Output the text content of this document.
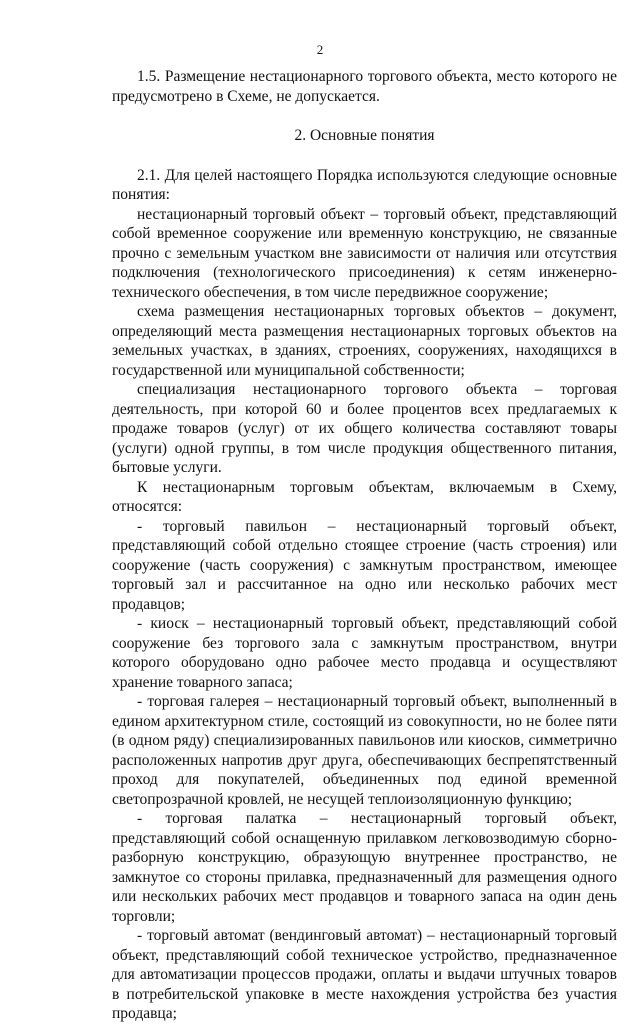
2

1.5. Размещение нестационарного торгового объекта, место которого не предусмотрено в Схеме, не допускается.

2. Основные понятия

2.1. Для целей настоящего Порядка используются следующие основные понятия:

нестационарный торговый объект – торговый объект, представляющий собой временное сооружение или временную конструкцию, не связанные прочно с земельным участком вне зависимости от наличия или отсутствия подключения (технологического присоединения) к сетям инженерно-технического обеспечения, в том числе передвижное сооружение;

схема размещения нестационарных торговых объектов – документ, определяющий места размещения нестационарных торговых объектов на земельных участках, в зданиях, строениях, сооружениях, находящихся в государственной или муниципальной собственности;

специализация нестационарного торгового объекта – торговая деятельность, при которой 60 и более процентов всех предлагаемых к продаже товаров (услуг) от их общего количества составляют товары (услуги) одной группы, в том числе продукция общественного питания, бытовые услуги.

К нестационарным торговым объектам, включаемым в Схему, относятся:

- торговый павильон – нестационарный торговый объект, представляющий собой отдельно стоящее строение (часть строения) или сооружение (часть сооружения) с замкнутым пространством, имеющее торговый зал и рассчитанное на одно или несколько рабочих мест продавцов;

- киоск – нестационарный торговый объект, представляющий собой сооружение без торгового зала с замкнутым пространством, внутри которого оборудовано одно рабочее место продавца и осуществляют хранение товарного запаса;

- торговая галерея – нестационарный торговый объект, выполненный в едином архитектурном стиле, состоящий из совокупности, но не более пяти (в одном ряду) специализированных павильонов или киосков, симметрично расположенных напротив друг друга, обеспечивающих беспрепятственный проход для покупателей, объединенных под единой временной светопрозрачной кровлей, не несущей теплоизоляционную функцию;

- торговая палатка – нестационарный торговый объект, представляющий собой оснащенную прилавком легковозводимую сборно-разборную конструкцию, образующую внутреннее пространство, не замкнутое со стороны прилавка, предназначенный для размещения одного или нескольких рабочих мест продавцов и товарного запаса на один день торговли;

- торговый автомат (вендинговый автомат) – нестационарный торговый объект, представляющий собой техническое устройство, предназначенное для автоматизации процессов продажи, оплаты и выдачи штучных товаров в потребительской упаковке в месте нахождения устройства без участия продавца;
